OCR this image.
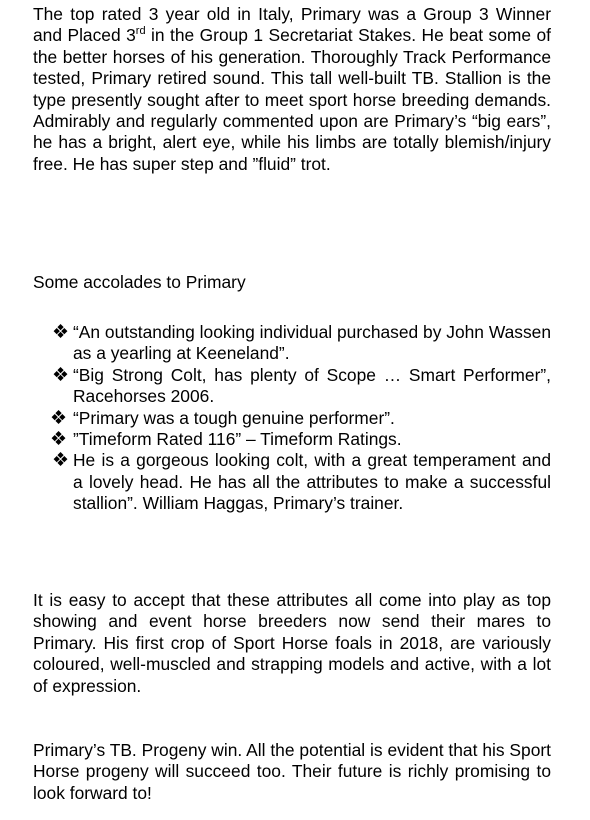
The top rated 3 year old in Italy, Primary was a Group 3 Winner and Placed 3rd in the Group 1 Secretariat Stakes. He beat some of the better horses of his generation. Thoroughly Track Performance tested, Primary retired sound. This tall well-built TB. Stallion is the type presently sought after to meet sport horse breeding demands. Admirably and regularly commented upon are Primary’s “big ears”, he has a bright, alert eye, while his limbs are totally blemish/injury free. He has super step and ”fluid” trot.

Some accolades to Primary

❖ “An outstanding looking individual purchased by John Wassen as a yearling at Keeneland”.
❖ “Big Strong Colt, has plenty of Scope … Smart Performer”, Racehorses 2006.
❖ “Primary was a tough genuine performer”.
❖ ”Timeform Rated 116” – Timeform Ratings.
❖ He is a gorgeous looking colt, with a great temperament and a lovely head. He has all the attributes to make a successful stallion”. William Haggas, Primary’s trainer.

It is easy to accept that these attributes all come into play as top showing and event horse breeders now send their mares to Primary. His first crop of Sport Horse foals in 2018, are variously coloured, well-muscled and strapping models and active, with a lot of expression.

Primary’s TB. Progeny win. All the potential is evident that his Sport Horse progeny will succeed too. Their future is richly promising to look forward to!
